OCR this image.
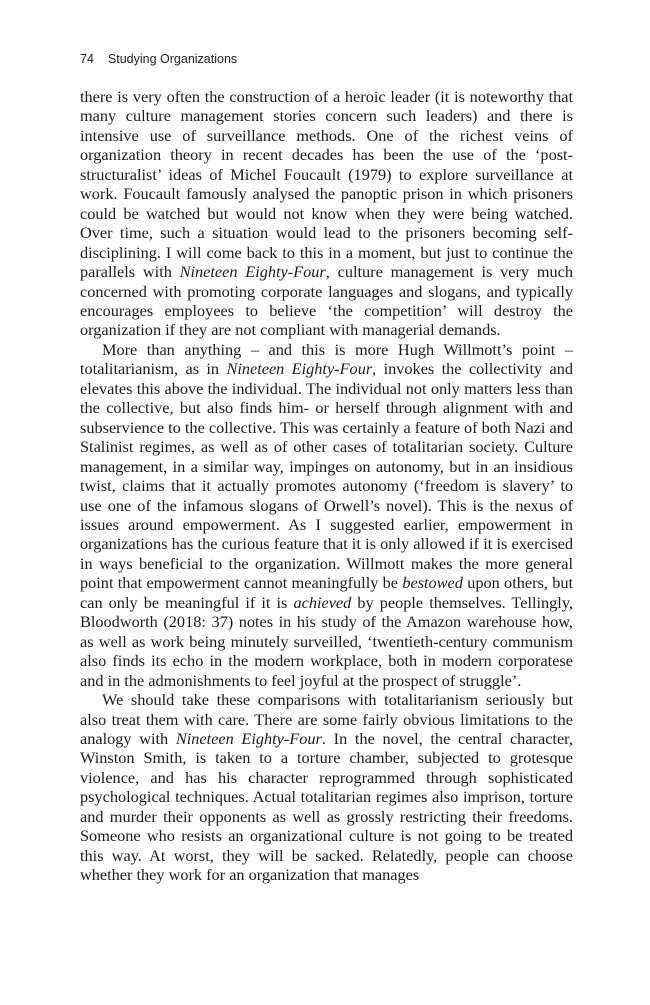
74 Studying Organizations

there is very often the construction of a heroic leader (it is noteworthy that many culture management stories concern such leaders) and there is intensive use of surveillance methods. One of the richest veins of organization theory in recent decades has been the use of the ‘post-structuralist’ ideas of Michel Foucault (1979) to explore surveillance at work. Foucault famously analysed the panoptic prison in which prisoners could be watched but would not know when they were being watched. Over time, such a situation would lead to the prisoners becoming self-disciplining. I will come back to this in a moment, but just to continue the parallels with Nineteen Eighty-Four, culture management is very much concerned with promoting corporate languages and slogans, and typically encourages employees to believe ‘the competition’ will destroy the organization if they are not compliant with managerial demands.

More than anything – and this is more Hugh Willmott’s point – totalitarianism, as in Nineteen Eighty-Four, invokes the collectivity and elevates this above the individual. The individual not only matters less than the collective, but also finds him- or herself through alignment with and subservience to the collective. This was certainly a feature of both Nazi and Stalinist regimes, as well as of other cases of totalitarian society. Culture management, in a similar way, impinges on autonomy, but in an insidious twist, claims that it actually promotes autonomy (‘freedom is slavery’ to use one of the infamous slogans of Orwell’s novel). This is the nexus of issues around empowerment. As I suggested earlier, empowerment in organizations has the curious feature that it is only allowed if it is exercised in ways beneficial to the organization. Willmott makes the more general point that empowerment cannot meaningfully be bestowed upon others, but can only be meaningful if it is achieved by people themselves. Tellingly, Bloodworth (2018: 37) notes in his study of the Amazon warehouse how, as well as work being minutely surveilled, ‘twentieth-century communism also finds its echo in the modern workplace, both in modern corporatese and in the admonishments to feel joyful at the prospect of struggle’.

We should take these comparisons with totalitarianism seriously but also treat them with care. There are some fairly obvious limitations to the analogy with Nineteen Eighty-Four. In the novel, the central character, Winston Smith, is taken to a torture chamber, subjected to grotesque violence, and has his character reprogrammed through sophisticated psychological techniques. Actual totalitarian regimes also imprison, torture and murder their opponents as well as grossly restricting their freedoms. Someone who resists an organizational culture is not going to be treated this way. At worst, they will be sacked. Relatedly, people can choose whether they work for an organization that manages
